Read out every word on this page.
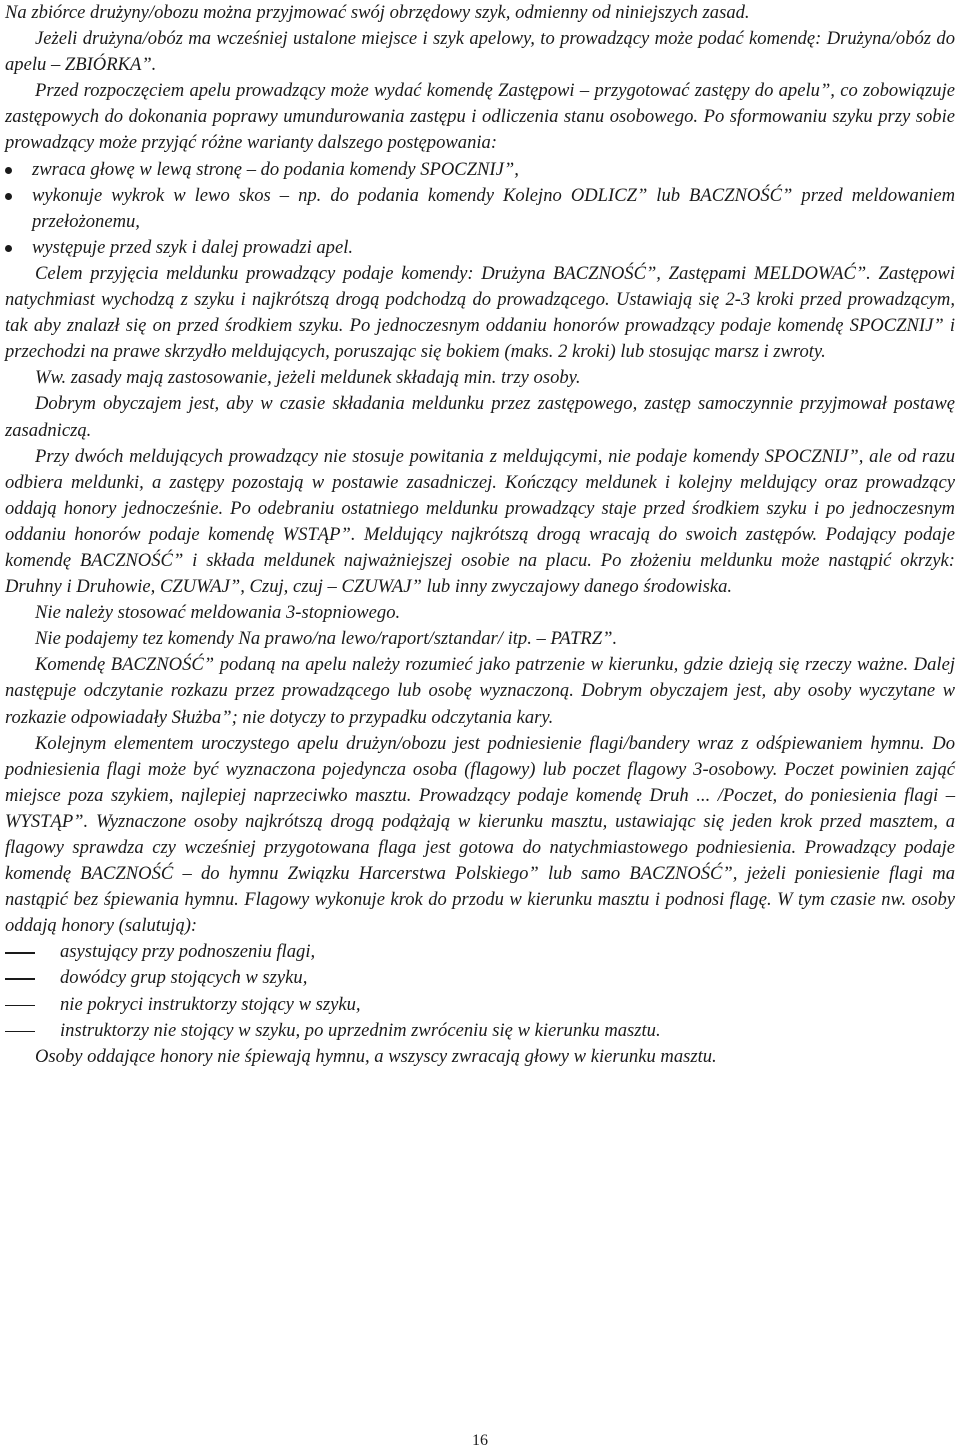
Na zbiórce drużyny/obozu można przyjmować swój obrzędowy szyk, odmienny od niniejszych zasad.

Jeżeli drużyna/obóz ma wcześniej ustalone miejsce i szyk apelowy, to prowadzący może podać komendę: Drużyna/obóz do apelu – ZBIÓRKA”.

Przed rozpoczęciem apelu prowadzący może wydać komendę Zastępowi – przygotować zastępy do apelu”, co zobowiązuje zastępowych do dokonania poprawy umundurowania zastępu i odliczenia stanu osobowego. Po sformowaniu szyku przy sobie prowadzący może przyjąć różne warianty dalszego postępowania:

zwraca głowę w lewą stronę – do podania komendy SPOCZNIJ”,
wykonuje wykrok w lewo skos – np. do podania komendy Kolejno ODLICZ” lub BACZNOŚĆ” przed meldowaniem przełożonemu,
występuje przed szyk i dalej prowadzi apel.

Celem przyjęcia meldunku prowadzący podaje komendy: Drużyna BACZNOŚĆ”, Zastępami MELDOWAĆ”. Zastępowi natychmiast wychodzą z szyku i najkrótszą drogą podchodzą do prowadzącego. Ustawiają się 2-3 kroki przed prowadzącym, tak aby znalazł się on przed środkiem szyku. Po jednoczesnym oddaniu honorów prowadzący podaje komendę SPOCZNIJ” i przechodzi na prawe skrzydło meldujących, poruszając się bokiem (maks. 2 kroki) lub stosując marsz i zwroty.

Ww. zasady mają zastosowanie, jeżeli meldunek składają min. trzy osoby.

Dobrym obyczajem jest, aby w czasie składania meldunku przez zastępowego, zastęp samoczynnie przyjmował postawę zasadniczą.

Przy dwóch meldujących prowadzący nie stosuje powitania z meldującymi, nie podaje komendy SPOCZNIJ”, ale od razu odbiera meldunki, a zastępy pozostają w postawie zasadniczej. Kończący meldunek i kolejny meldujący oraz prowadzący oddają honory jednocześnie. Po odebraniu ostatniego meldunku prowadzący staje przed środkiem szyku i po jednoczesnym oddaniu honorów podaje komendę WSTĄP”. Meldujący najkrótszą drogą wracają do swoich zastępów. Podający podaje komendę BACZNOŚĆ” i składa meldunek najważniejszej osobie na placu. Po złożeniu meldunku może nastąpić okrzyk: Druhny i Druhowie, CZUWAJ”, Czuj, czuj – CZUWAJ” lub inny zwyczajowy danego środowiska.

Nie należy stosować meldowania 3-stopniowego.

Nie podajemy tez komendy Na prawo/na lewo/raport/sztandar/ itp. – PATRZ”.

Komendę BACZNOŚĆ” podaną na apelu należy rozumieć jako patrzenie w kierunku, gdzie dzieją się rzeczy ważne. Dalej następuje odczytanie rozkazu przez prowadzącego lub osobę wyznaczoną. Dobrym obyczajem jest, aby osoby wyczytane w rozkazie odpowiadały Służba”; nie dotyczy to przypadku odczytania kary.

Kolejnym elementem uroczystego apelu drużyn/obozu jest podniesienie flagi/bandery wraz z odśpiewaniem hymnu. Do podniesienia flagi może być wyznaczona pojedyncza osoba (flagowy) lub poczet flagowy 3-osobowy. Poczet powinien zająć miejsce poza szykiem, najlepiej naprzeciwko masztu. Prowadzący podaje komendę Druh ... /Poczet, do poniesienia flagi – WYSTĄP”. Wyznaczone osoby najkrótszą drogą podążają w kierunku masztu, ustawiając się jeden krok przed masztem, a flagowy sprawdza czy wcześniej przygotowana flaga jest gotowa do natychmiastowego podniesienia. Prowadzący podaje komendę BACZNOŚĆ – do hymnu Związku Harcerstwa Polskiego” lub samo BACZNOŚĆ”, jeżeli poniesienie flagi ma nastąpić bez śpiewania hymnu. Flagowy wykonuje krok do przodu w kierunku masztu i podnosi flagę. W tym czasie nw. osoby oddają honory (salutują):

asystujący przy podnoszeniu flagi,
dowódcy grup stojących w szyku,
nie pokryci instruktorzy stojący w szyku,
instruktorzy nie stojący w szyku, po uprzednim zwróceniu się w kierunku masztu.

Osoby oddające honory nie śpiewają hymnu, a wszyscy zwracają głowy w kierunku masztu.

16
